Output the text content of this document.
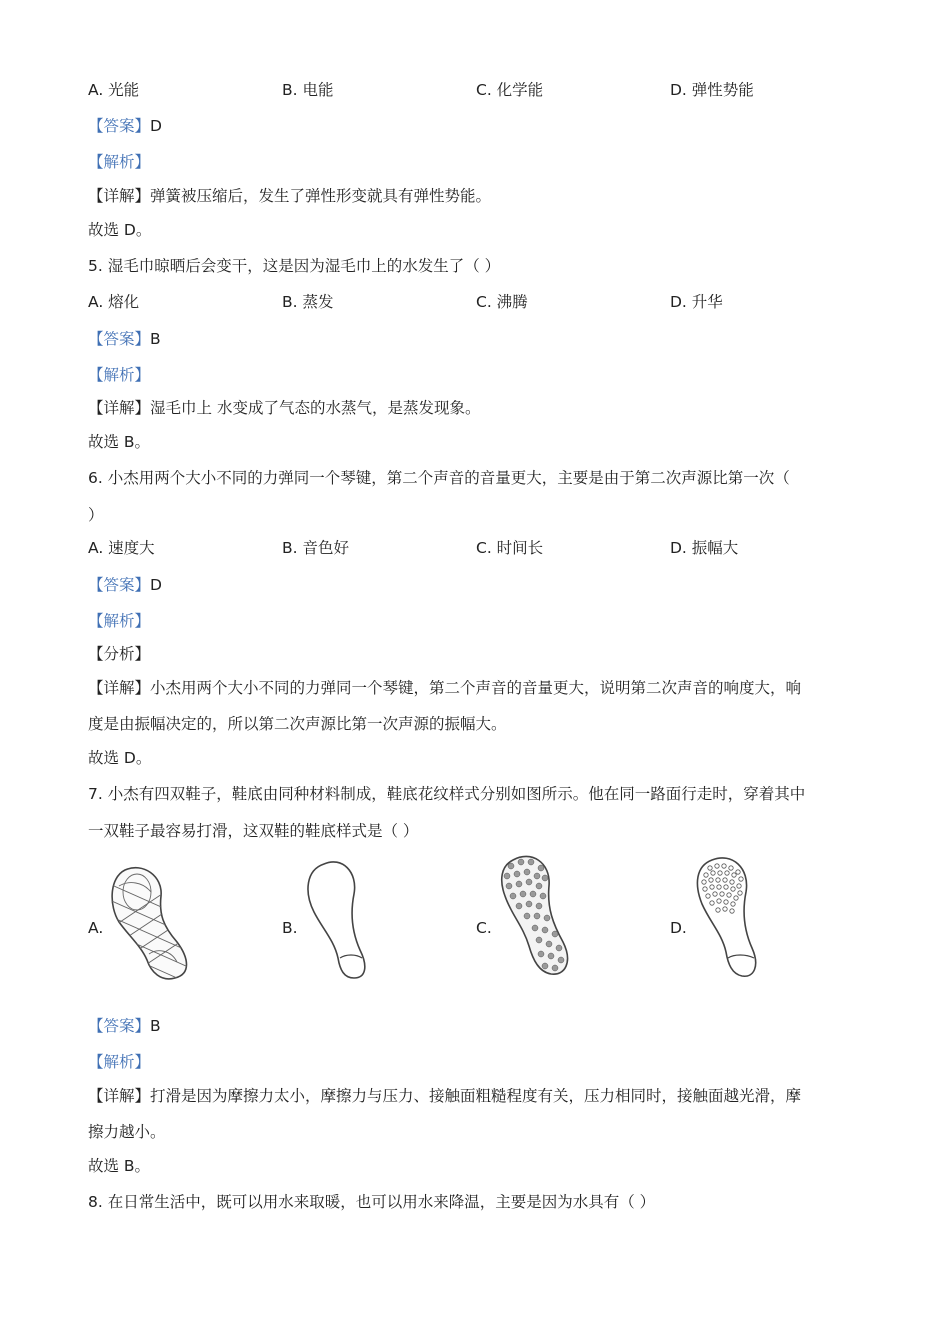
A. 光能	B. 电能	C. 化学能	D. 弹性势能
【答案】D
【解析】
【详解】弹簧被压缩后，发生了弹性形变就具有弹性势能。
故选 D。
5. 湿毛巾晾晒后会变干，这是因为湿毛巾上的水发生了（ ）
A. 熔化	B. 蒸发	C. 沸腾	D. 升华
【答案】B
【解析】
【详解】湿毛巾上 水变成了气态的水蒸气，是蒸发现象。
故选 B。
6. 小杰用两个大小不同的力弹同一个琴键，第二个声音的音量更大，主要是由于第二次声源比第一次（
）
A. 速度大	B. 音色好	C. 时间长	D. 振幅大
【答案】D
【解析】
【分析】
【详解】小杰用两个大小不同的力弹同一个琴键，第二个声音的音量更大，说明第二次声音的响度大，响
度是由振幅决定的，所以第二次声源比第一次声源的振幅大。
故选 D。
7. 小杰有四双鞋子，鞋底由同种材料制成，鞋底花纹样式分别如图所示。他在同一路面行走时，穿着其中
一双鞋子最容易打滑，这双鞋的鞋底样式是（ ）
A.	B.	C.	D.
【答案】B
【解析】
【详解】打滑是因为摩擦力太小，摩擦力与压力、接触面粗糙程度有关，压力相同时，接触面越光滑，摩
擦力越小。
故选 B。
8. 在日常生活中，既可以用水来取暖，也可以用水来降温，主要是因为水具有（ ）
